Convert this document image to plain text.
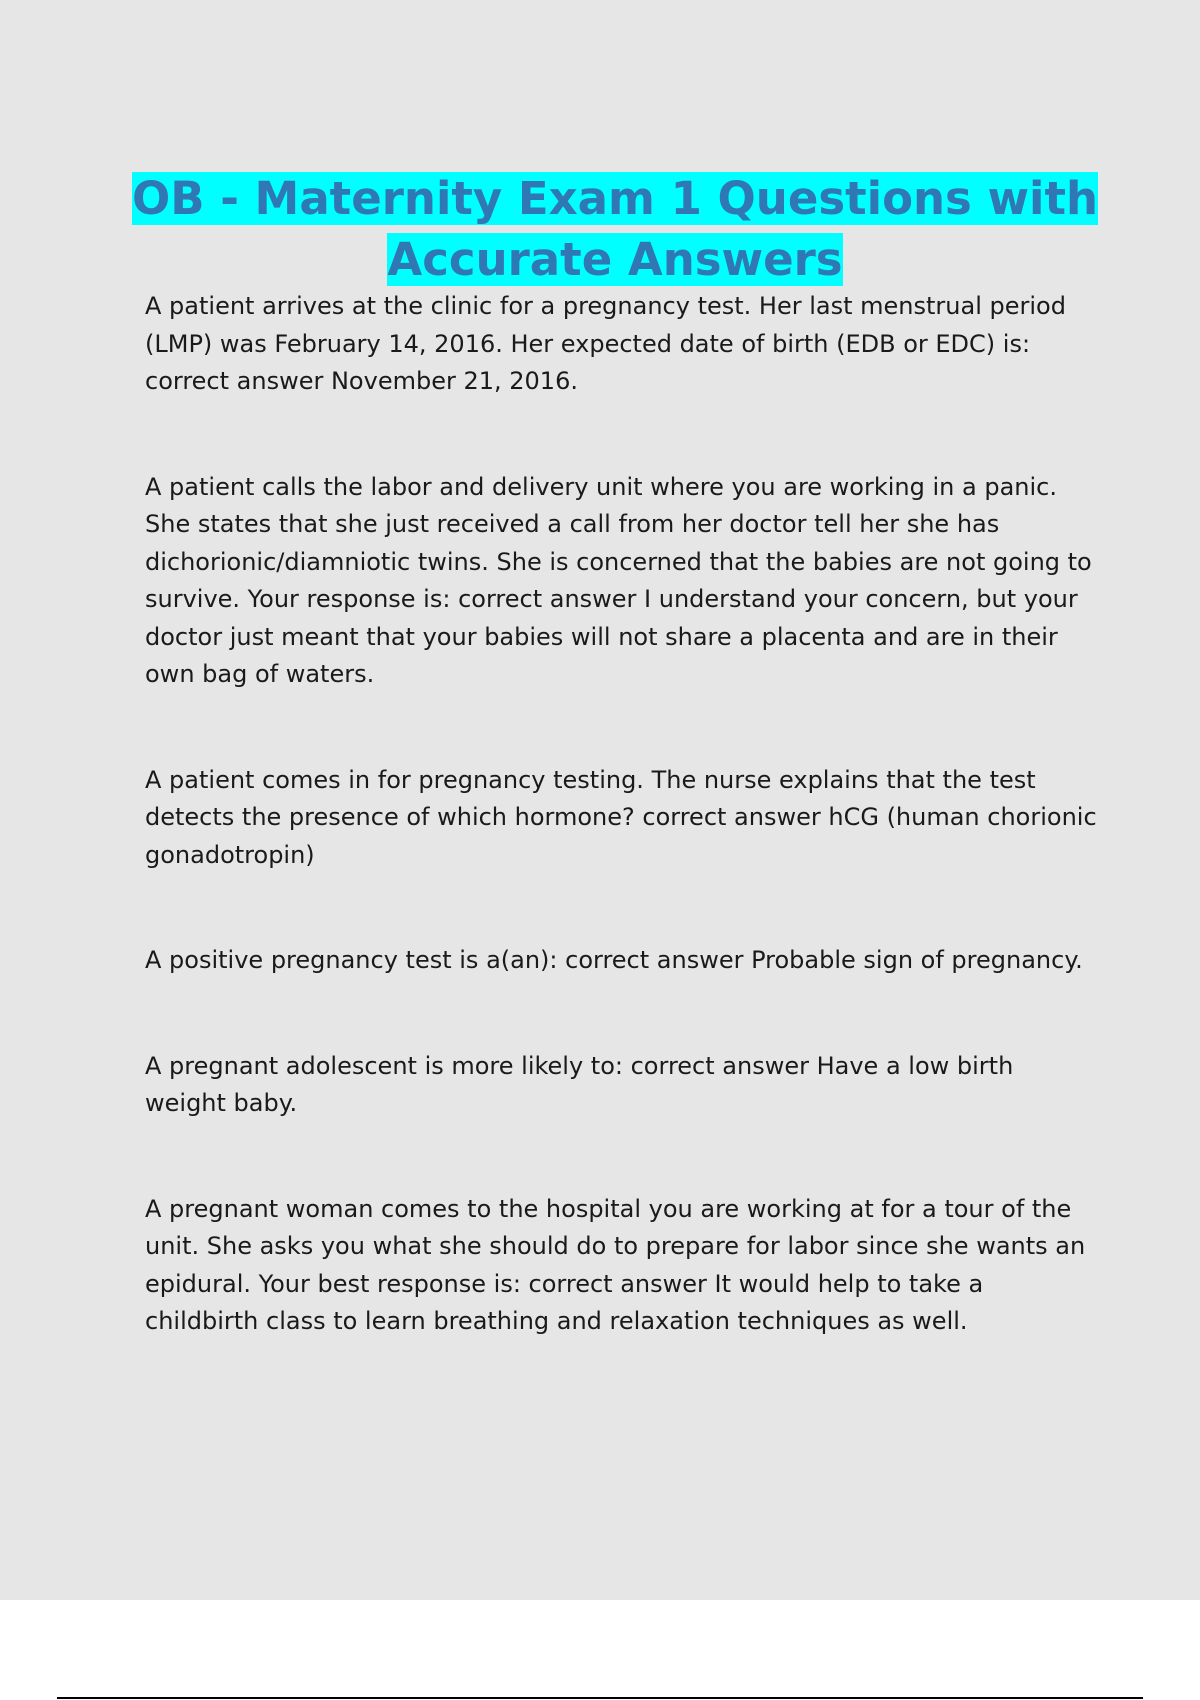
OB - Maternity Exam 1 Questions with Accurate Answers

A patient arrives at the clinic for a pregnancy test. Her last menstrual period (LMP) was February 14, 2016. Her expected date of birth (EDB or EDC) is: correct answer November 21, 2016.

A patient calls the labor and delivery unit where you are working in a panic. She states that she just received a call from her doctor tell her she has dichorionic/diamniotic twins. She is concerned that the babies are not going to survive. Your response is: correct answer I understand your concern, but your doctor just meant that your babies will not share a placenta and are in their own bag of waters.

A patient comes in for pregnancy testing. The nurse explains that the test detects the presence of which hormone? correct answer hCG (human chorionic gonadotropin)

A positive pregnancy test is a(an): correct answer Probable sign of pregnancy.

A pregnant adolescent is more likely to: correct answer Have a low birth weight baby.

A pregnant woman comes to the hospital you are working at for a tour of the unit. She asks you what she should do to prepare for labor since she wants an epidural. Your best response is: correct answer It would help to take a childbirth class to learn breathing and relaxation techniques as well.
